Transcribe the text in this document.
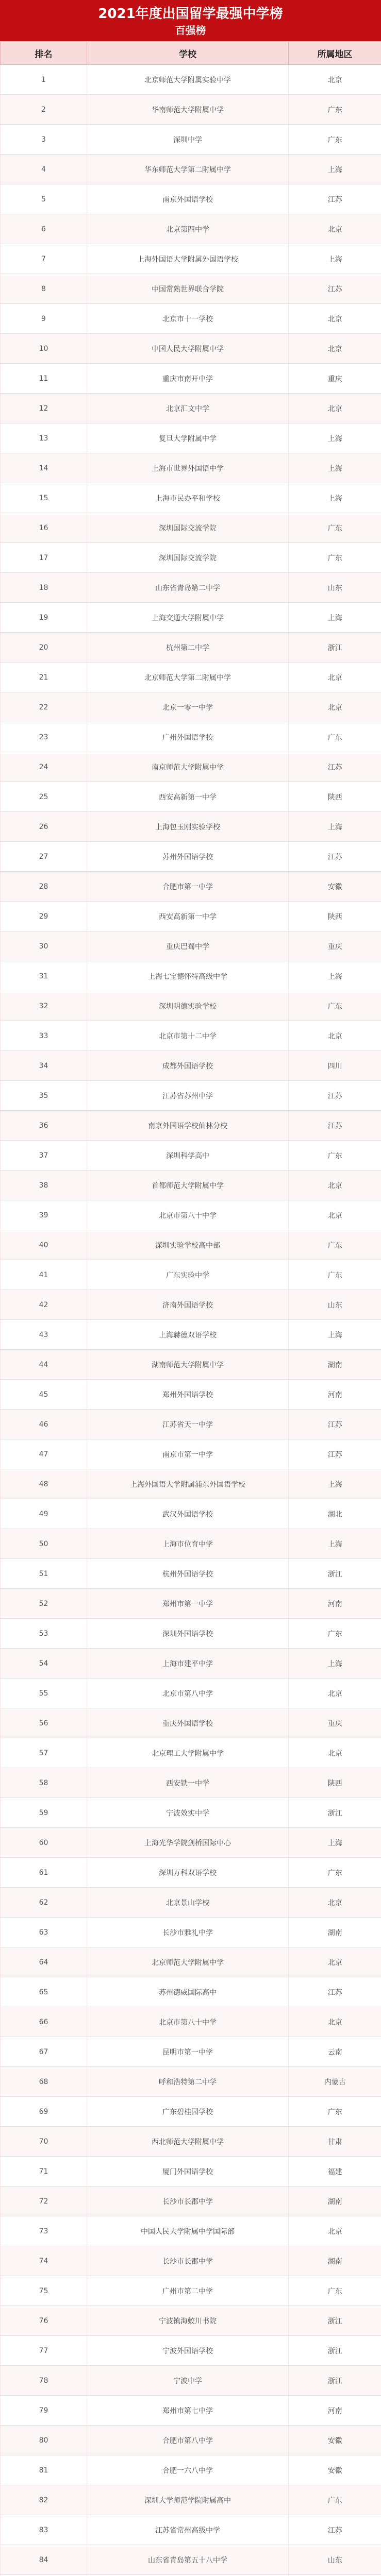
2021年度出国留学最强中学榜
百强榜
排名	学校	所属地区
1	北京师范大学附属实验中学	北京
2	华南师范大学附属中学	广东
3	深圳中学	广东
4	华东师范大学第二附属中学	上海
5	南京外国语学校	江苏
6	北京第四中学	北京
7	上海外国语大学附属外国语学校	上海
8	中国常熟世界联合学院	江苏
9	北京市十一学校	北京
10	中国人民大学附属中学	北京
11	重庆市南开中学	重庆
12	北京汇文中学	北京
13	复旦大学附属中学	上海
14	上海市世界外国语中学	上海
15	上海市民办平和学校	上海
16	深圳国际交流学院	广东
17	深圳国际交流学院	广东
18	山东省青岛第二中学	山东
19	上海交通大学附属中学	上海
20	杭州第二中学	浙江
21	北京师范大学第二附属中学	北京
22	北京一零一中学	北京
23	广州外国语学校	广东
24	南京师范大学附属中学	江苏
25	西安高新第一中学	陕西
26	上海包玉刚实验学校	上海
27	苏州外国语学校	江苏
28	合肥市第一中学	安徽
29	西安高新第一中学	陕西
30	重庆巴蜀中学	重庆
31	上海七宝德怀特高级中学	上海
32	深圳明德实验学校	广东
33	北京市第十二中学	北京
34	成都外国语学校	四川
35	江苏省苏州中学	江苏
36	南京外国语学校仙林分校	江苏
37	深圳科学高中	广东
38	首都师范大学附属中学	北京
39	北京市第八十中学	北京
40	深圳实验学校高中部	广东
41	广东实验中学	广东
42	济南外国语学校	山东
43	上海赫德双语学校	上海
44	湖南师范大学附属中学	湖南
45	郑州外国语学校	河南
46	江苏省天一中学	江苏
47	南京市第一中学	江苏
48	上海外国语大学附属浦东外国语学校	上海
49	武汉外国语学校	湖北
50	上海市位育中学	上海
51	杭州外国语学校	浙江
52	郑州市第一中学	河南
53	深圳外国语学校	广东
54	上海市建平中学	上海
55	北京市第八中学	北京
56	重庆外国语学校	重庆
57	北京理工大学附属中学	北京
58	西安铁一中学	陕西
59	宁波效实中学	浙江
60	上海光华学院剑桥国际中心	上海
61	深圳万科双语学校	广东
62	北京景山学校	北京
63	长沙市雅礼中学	湖南
64	北京师范大学附属中学	北京
65	苏州德威国际高中	江苏
66	北京市第八十中学	北京
67	昆明市第一中学	云南
68	呼和浩特第二中学	内蒙古
69	广东碧桂园学校	广东
70	西北师范大学附属中学	甘肃
71	厦门外国语学校	福建
72	长沙市长郡中学	湖南
73	中国人民大学附属中学国际部	北京
74	长沙市长郡中学	湖南
75	广州市第二中学	广东
76	宁波镇海蛟川书院	浙江
77	宁波外国语学校	浙江
78	宁波中学	浙江
79	郑州市第七中学	河南
80	合肥市第八中学	安徽
81	合肥一六八中学	安徽
82	深圳大学师范学院附属高中	广东
83	江苏省常州高级中学	江苏
84	山东省青岛第五十八中学	山东
